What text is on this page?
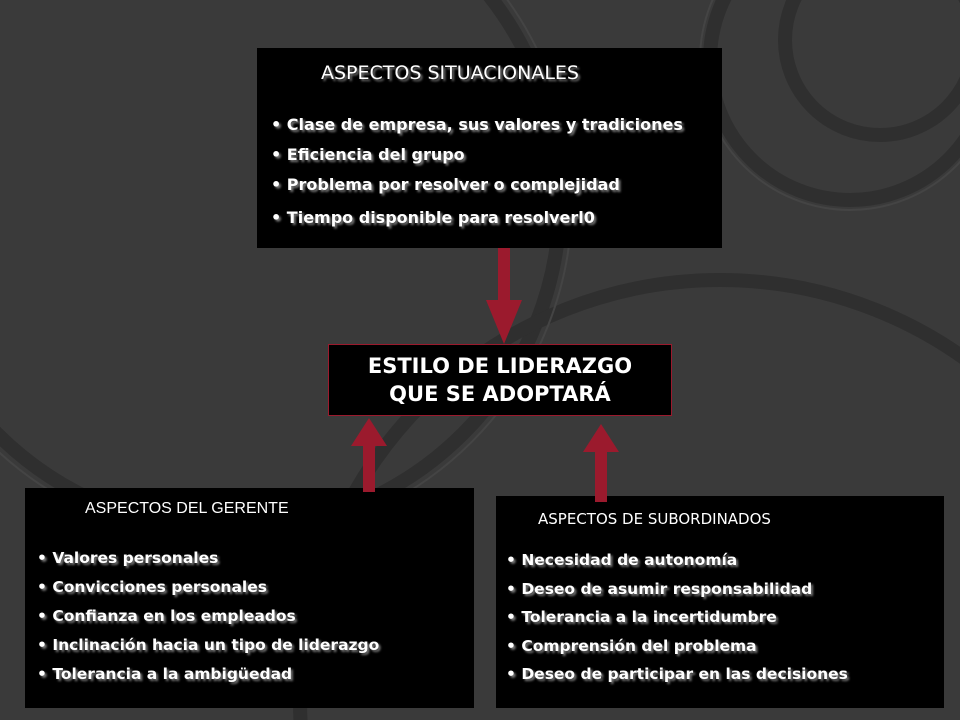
ASPECTOS SITUACIONALES
• Clase de empresa, sus valores y tradiciones
• Eficiencia del grupo
• Problema por resolver o complejidad
• Tiempo disponible para resolverl0
ESTILO DE LIDERAZGO
QUE SE ADOPTARÁ
ASPECTOS DEL GERENTE
• Valores personales
• Convicciones personales
• Confianza en los empleados
• Inclinación hacia un tipo de liderazgo
• Tolerancia a la ambigüedad
ASPECTOS DE SUBORDINADOS
• Necesidad de autonomía
• Deseo de asumir responsabilidad
• Tolerancia a la incertidumbre
• Comprensión del problema
• Deseo de participar en las decisiones
